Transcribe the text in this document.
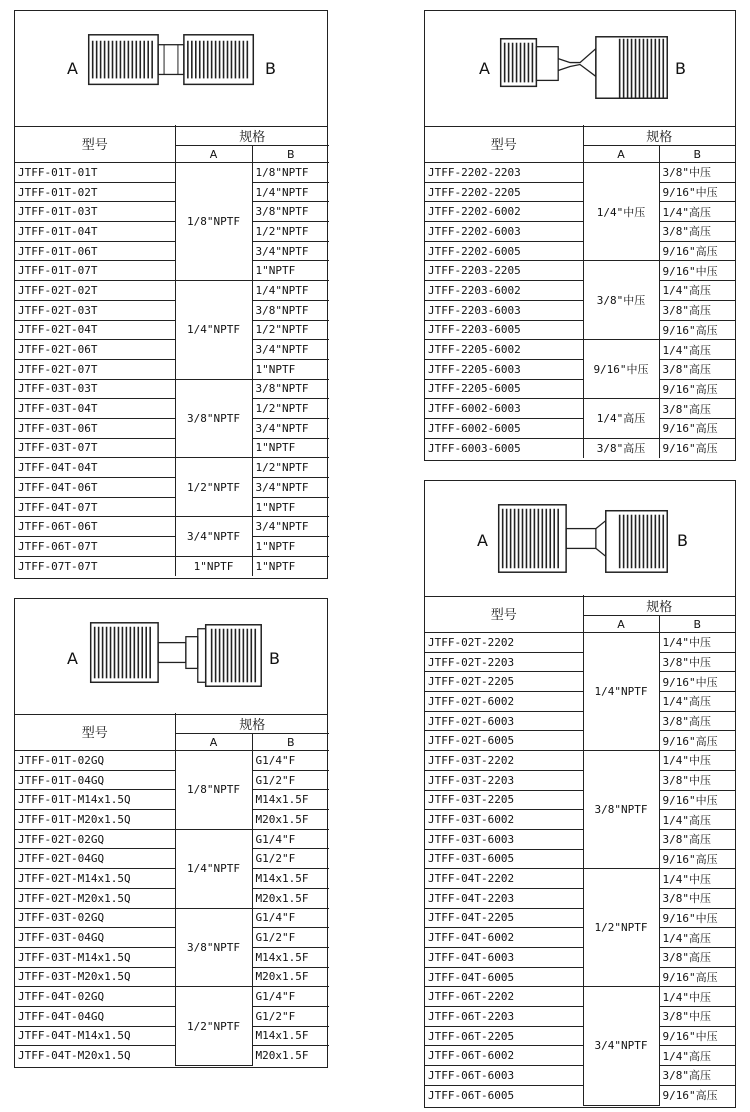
A	B
型号	规格	
	A	B
JTFF-01T-01T	1/8"NPTF	1/8"NPTF
JTFF-01T-02T		1/4"NPTF
JTFF-01T-03T		3/8"NPTF
JTFF-01T-04T		1/2"NPTF
JTFF-01T-06T		3/4"NPTF
JTFF-01T-07T		1"NPTF
JTFF-02T-02T	1/4"NPTF	1/4"NPTF
JTFF-02T-03T		3/8"NPTF
JTFF-02T-04T		1/2"NPTF
JTFF-02T-06T		3/4"NPTF
JTFF-02T-07T		1"NPTF
JTFF-03T-03T	3/8"NPTF	3/8"NPTF
JTFF-03T-04T		1/2"NPTF
JTFF-03T-06T		3/4"NPTF
JTFF-03T-07T		1"NPTF
JTFF-04T-04T	1/2"NPTF	1/2"NPTF
JTFF-04T-06T		3/4"NPTF
JTFF-04T-07T		1"NPTF
JTFF-06T-06T	3/4"NPTF	3/4"NPTF
JTFF-06T-07T		1"NPTF
JTFF-07T-07T	1"NPTF	1"NPTF
A	B
型号	规格	
	A	B
JTFF-2202-2203	1/4"中压	3/8"中压
JTFF-2202-2205		9/16"中压
JTFF-2202-6002		1/4"高压
JTFF-2202-6003		3/8"高压
JTFF-2202-6005		9/16"高压
JTFF-2203-2205	3/8"中压	9/16"中压
JTFF-2203-6002		1/4"高压
JTFF-2203-6003		3/8"高压
JTFF-2203-6005		9/16"高压
JTFF-2205-6002	9/16"中压	1/4"高压
JTFF-2205-6003		3/8"高压
JTFF-2205-6005		9/16"高压
JTFF-6002-6003	1/4"高压	3/8"高压
JTFF-6002-6005		9/16"高压
JTFF-6003-6005	3/8"高压	9/16"高压
A	B
型号	规格	
	A	B
JTFF-01T-02GQ	1/8"NPTF	G1/4"F
JTFF-01T-04GQ		G1/2"F
JTFF-01T-M14x1.5Q		M14x1.5F
JTFF-01T-M20x1.5Q		M20x1.5F
JTFF-02T-02GQ	1/4"NPTF	G1/4"F
JTFF-02T-04GQ		G1/2"F
JTFF-02T-M14x1.5Q		M14x1.5F
JTFF-02T-M20x1.5Q		M20x1.5F
JTFF-03T-02GQ	3/8"NPTF	G1/4"F
JTFF-03T-04GQ		G1/2"F
JTFF-03T-M14x1.5Q		M14x1.5F
JTFF-03T-M20x1.5Q		M20x1.5F
JTFF-04T-02GQ	1/2"NPTF	G1/4"F
JTFF-04T-04GQ		G1/2"F
JTFF-04T-M14x1.5Q		M14x1.5F
JTFF-04T-M20x1.5Q		M20x1.5F
A	B
型号	规格	
	A	B
JTFF-02T-2202	1/4"NPTF	1/4"中压
JTFF-02T-2203		3/8"中压
JTFF-02T-2205		9/16"中压
JTFF-02T-6002		1/4"高压
JTFF-02T-6003		3/8"高压
JTFF-02T-6005		9/16"高压
JTFF-03T-2202	3/8"NPTF	1/4"中压
JTFF-03T-2203		3/8"中压
JTFF-03T-2205		9/16"中压
JTFF-03T-6002		1/4"高压
JTFF-03T-6003		3/8"高压
JTFF-03T-6005		9/16"高压
JTFF-04T-2202	1/2"NPTF	1/4"中压
JTFF-04T-2203		3/8"中压
JTFF-04T-2205		9/16"中压
JTFF-04T-6002		1/4"高压
JTFF-04T-6003		3/8"高压
JTFF-04T-6005		9/16"高压
JTFF-06T-2202	3/4"NPTF	1/4"中压
JTFF-06T-2203		3/8"中压
JTFF-06T-2205		9/16"中压
JTFF-06T-6002		1/4"高压
JTFF-06T-6003		3/8"高压
JTFF-06T-6005		9/16"高压
